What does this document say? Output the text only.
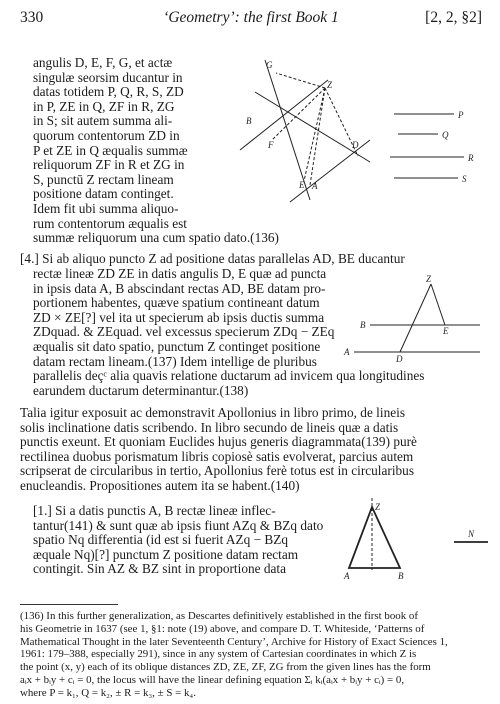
330	‘Geometry’: the first Book 1	[2, 2, §2]
angulis D, E, F, G, et actæ
singulæ seorsim ducantur in
datas totidem P, Q, R, S, ZD
in P, ZE in Q, ZF in R, ZG
in S; sit autem summa ali-
quorum contentorum ZD in
P et ZE in Q æqualis summæ
reliquorum ZF in R et ZG in
S, punctū Z rectam lineam
positione datam continget.
Idem fit ubi summa aliquo-
rum contentorum æqualis est
summæ reliquorum una cum spatio dato.(136)
[4.] Si ab aliquo puncto Z ad positione datas parallelas AD, BE ducantur
rectæ lineæ ZD ZE in datis angulis D, E quæ ad puncta
in ipsis data A, B abscindant rectas AD, BE datam pro-
portionem habentes, quæve spatium contineant datum
ZD × ZE[?] vel ita ut specierum ab ipsis ductis summa
ZDquad. & ZEquad. vel excessus specierum ZDq − ZEq
æqualis sit dato spatio, punctum Z continget positione
datam rectam lineam.(137) Idem intellige de pluribus
parallelis deçᶜ alia quavis relatione ductarum ad invicem qua longitudines
earundem ductarum determinantur.(138)
Talia igitur exposuit ac demonstravit Apollonius in libro primo, de lineis
solis inclinatione datis scribendo. In libro secundo de lineis quæ a datis
punctis exeunt. Et quoniam Euclides hujus generis diagrammata(139) purè
rectilinea duobus porismatum libris copiosè satis evolverat, parcius autem
scripserat de circularibus in tertio, Apollonius ferè totus est in circularibus
enucleandis. Propositiones autem ita se habent.(140)
[1.] Si a datis punctis A, B rectæ lineæ inflec-
tantur(141) & sunt quæ ab ipsis fiunt AZq & BZq dato
spatio Nq differentia (id est si fuerit AZq − BZq
æquale Nq)[?] punctum Z positione datam rectam
contingit. Sin AZ & BZ sint in proportione data
(136) In this further generalization, as Descartes definitively established in the first book of
his Geometrie in 1637 (see 1, §1: note (19) above, and compare D. T. Whiteside, ‘Patterns of
Mathematical Thought in the later Seventeenth Century’, Archive for History of Exact Sciences 1,
1961: 179–388, especially 291), since in any system of Cartesian coordinates in which Z is
the point (x, y) each of its oblique distances ZD, ZE, ZF, ZG from the given lines has the form
aᵢx + bᵢy + cᵢ = 0, the locus will have the linear defining equation Σᵢ kᵢ(aᵢx + bᵢy + cᵢ) = 0,
where P = k₁, Q = k₂, ± R = k₃, ± S = k₄.
G
Z
B
F	D
E A
P
Q
R
S
Z
B
E
A
D
Z
A	B
N
